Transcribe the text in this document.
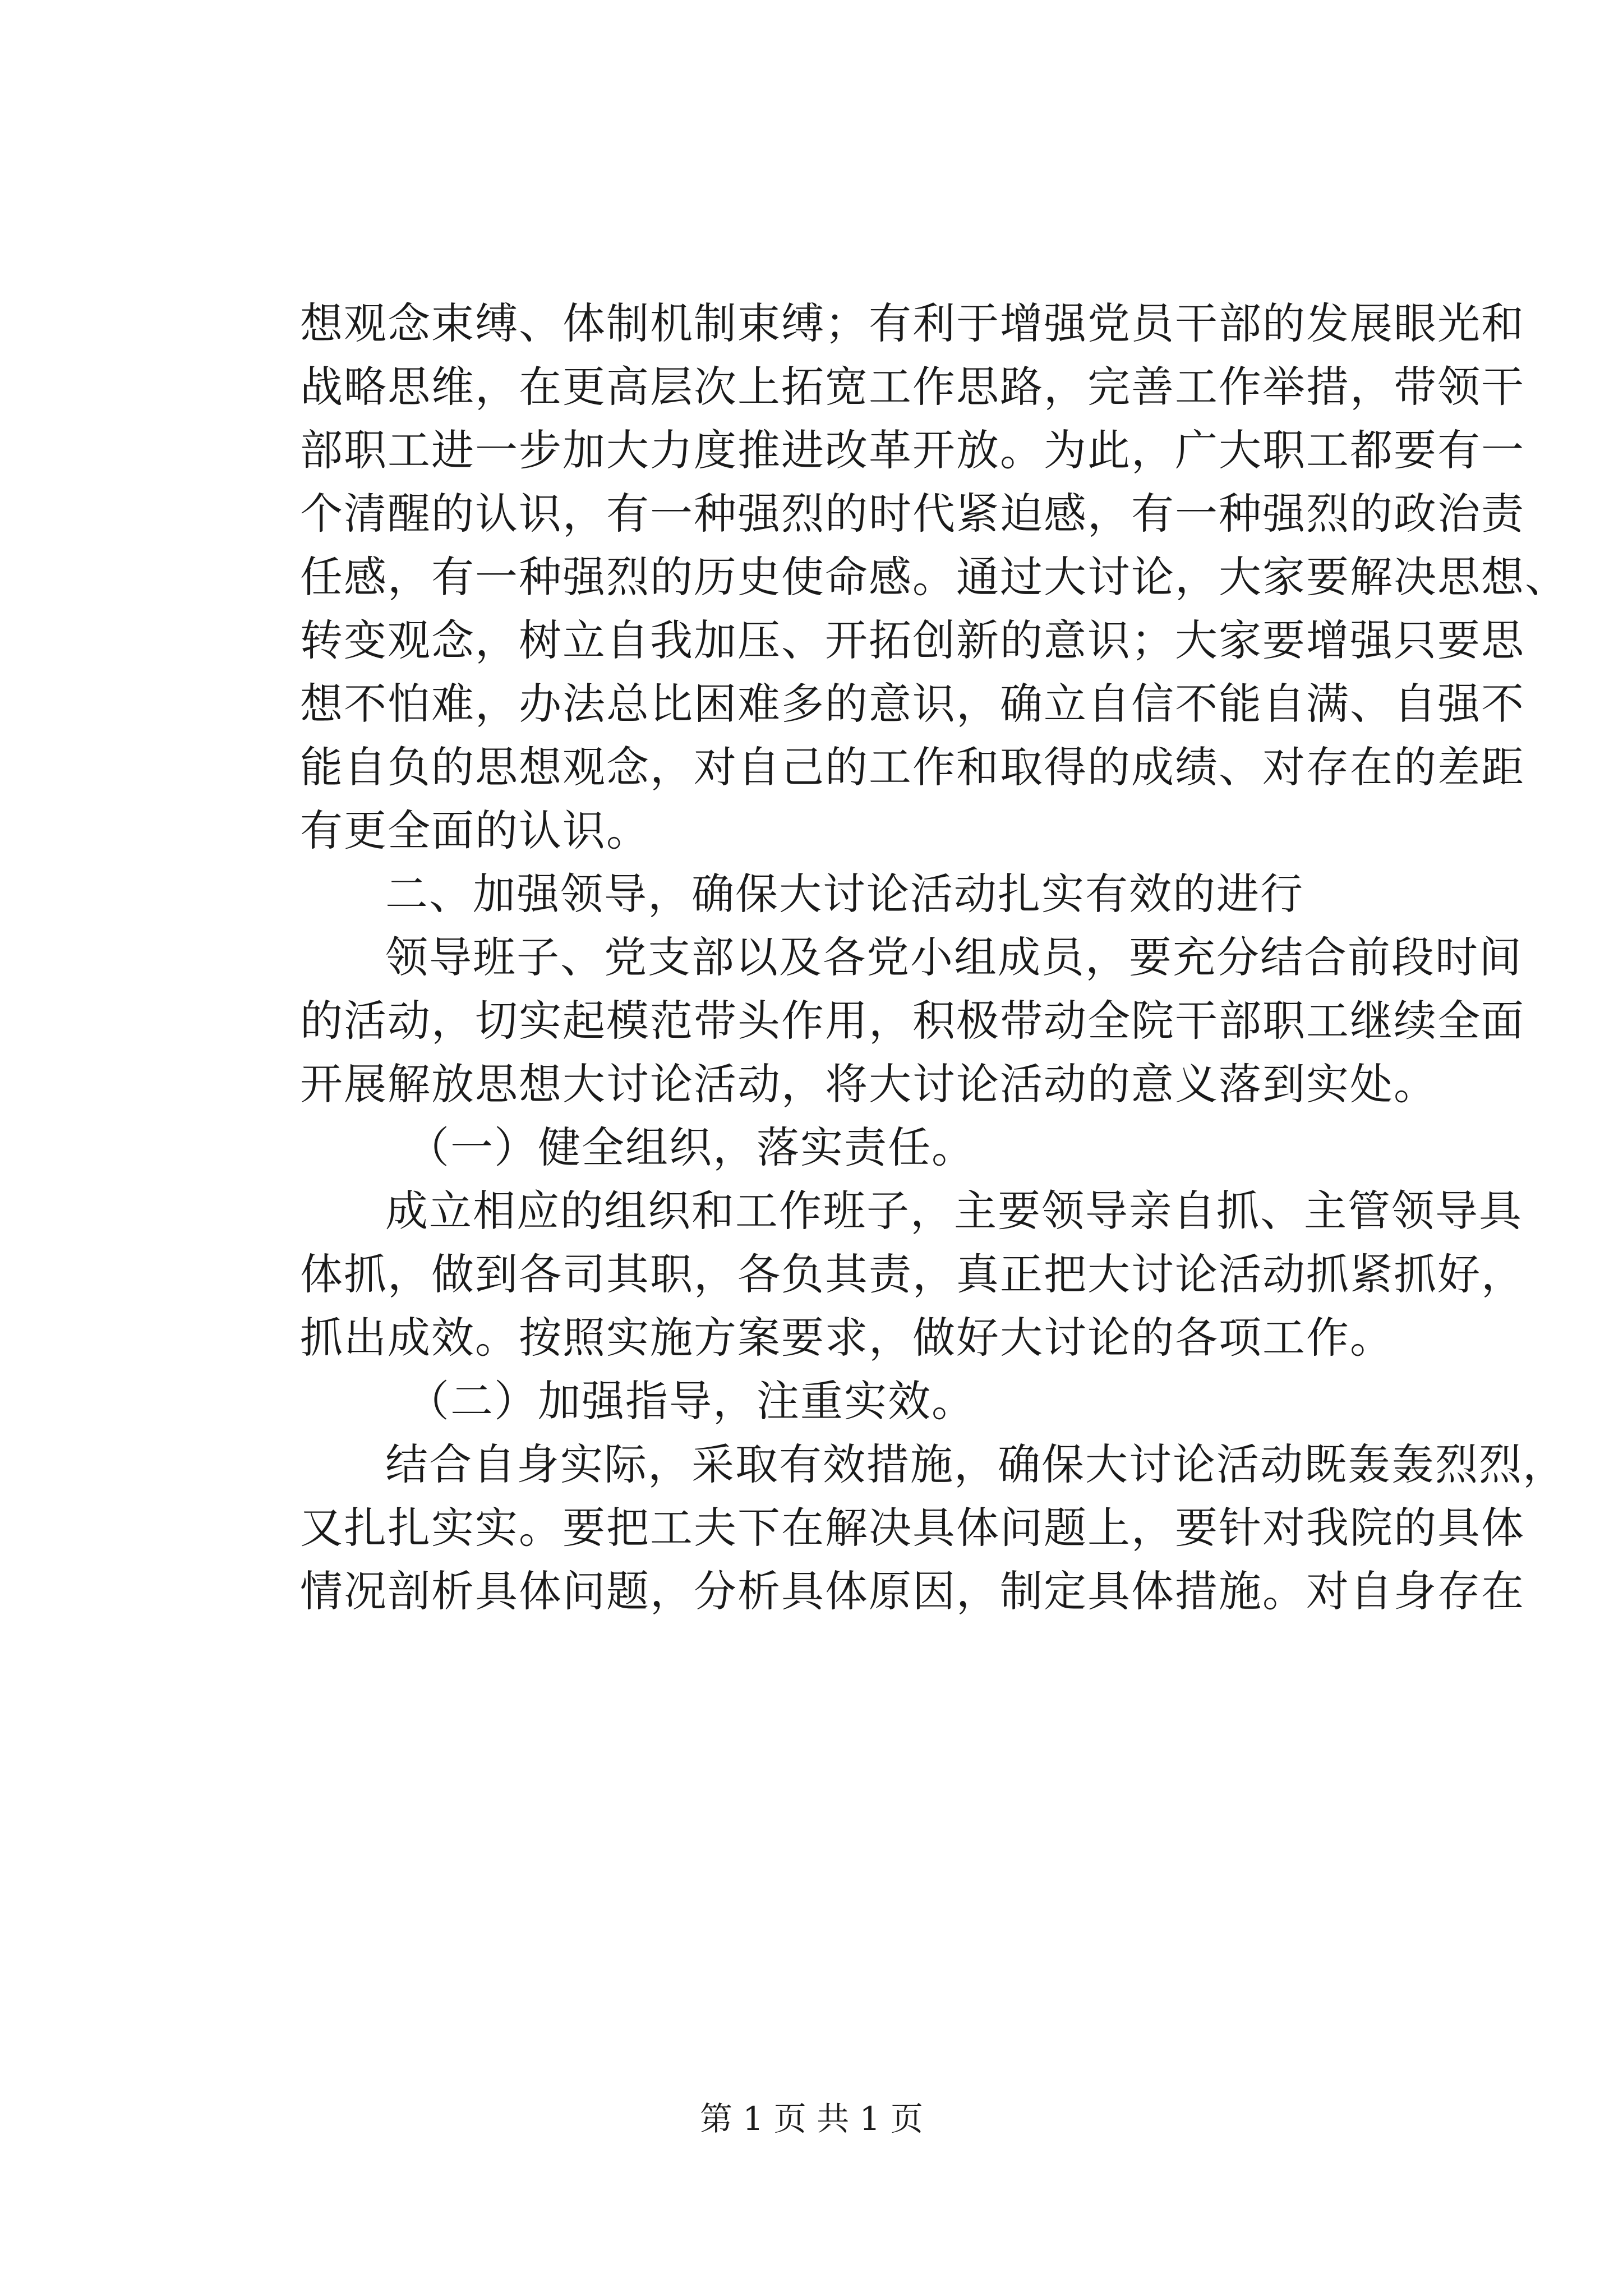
想观念束缚、体制机制束缚；有利于增强党员干部的发展眼光和
战略思维，在更高层次上拓宽工作思路，完善工作举措，带领干
部职工进一步加大力度推进改革开放。为此，广大职工都要有一
个清醒的认识，有一种强烈的时代紧迫感，有一种强烈的政治责
任感，有一种强烈的历史使命感。通过大讨论，大家要解决思想、
转变观念，树立自我加压、开拓创新的意识；大家要增强只要思
想不怕难，办法总比困难多的意识，确立自信不能自满、自强不
能自负的思想观念，对自己的工作和取得的成绩、对存在的差距
有更全面的认识。
二、加强领导，确保大讨论活动扎实有效的进行
领导班子、党支部以及各党小组成员，要充分结合前段时间
的活动，切实起模范带头作用，积极带动全院干部职工继续全面
开展解放思想大讨论活动，将大讨论活动的意义落到实处。
（一）健全组织，落实责任。
成立相应的组织和工作班子，主要领导亲自抓、主管领导具
体抓，做到各司其职，各负其责，真正把大讨论活动抓紧抓好，
抓出成效。按照实施方案要求，做好大讨论的各项工作。
（二）加强指导，注重实效。
结合自身实际，采取有效措施，确保大讨论活动既轰轰烈烈，
又扎扎实实。要把工夫下在解决具体问题上，要针对我院的具体
情况剖析具体问题，分析具体原因，制定具体措施。对自身存在
第 1 页 共 1 页
